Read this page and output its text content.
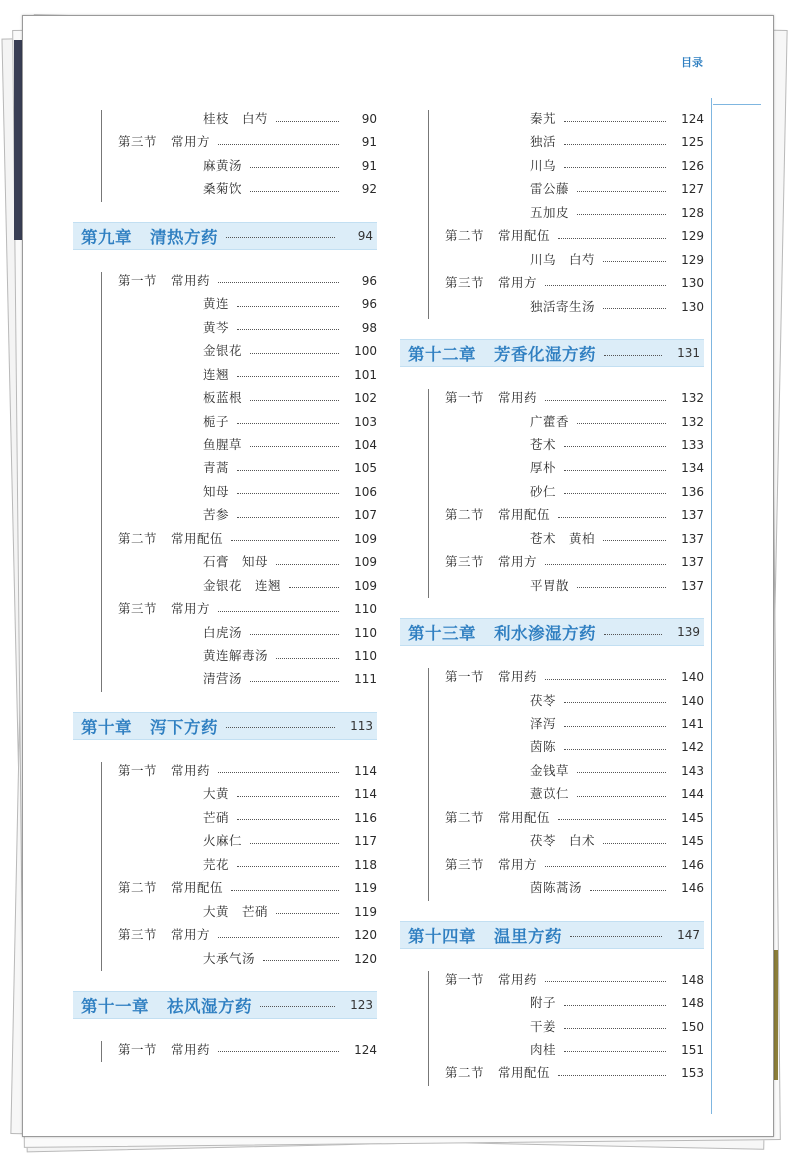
目录
桂枝　白芍	90
第三节 常用方	91
麻黄汤	91
桑菊饮	92
第九章 清热方药	94
第一节 常用药	96
黄连	96
黄芩	98
金银花	100
连翘	101
板蓝根	102
栀子	103
鱼腥草	104
青蒿	105
知母	106
苦参	107
第二节 常用配伍	109
石膏　知母	109
金银花　连翘	109
第三节 常用方	110
白虎汤	110
黄连解毒汤	110
清营汤	111
第十章 泻下方药	113
第一节 常用药	114
大黄	114
芒硝	116
火麻仁	117
芫花	118
第二节 常用配伍	119
大黄　芒硝	119
第三节 常用方	120
大承气汤	120
第十一章 祛风湿方药	123
第一节 常用药	124
秦艽	124
独活	125
川乌	126
雷公藤	127
五加皮	128
第二节 常用配伍	129
川乌　白芍	129
第三节 常用方	130
独活寄生汤	130
第十二章 芳香化湿方药	131
第一节 常用药	132
广藿香	132
苍术	133
厚朴	134
砂仁	136
第二节 常用配伍	137
苍术　黄柏	137
第三节 常用方	137
平胃散	137
第十三章 利水渗湿方药	139
第一节 常用药	140
茯苓	140
泽泻	141
茵陈	142
金钱草	143
薏苡仁	144
第二节 常用配伍	145
茯苓　白术	145
第三节 常用方	146
茵陈蒿汤	146
第十四章 温里方药	147
第一节 常用药	148
附子	148
干姜	150
肉桂	151
第二节 常用配伍	153
